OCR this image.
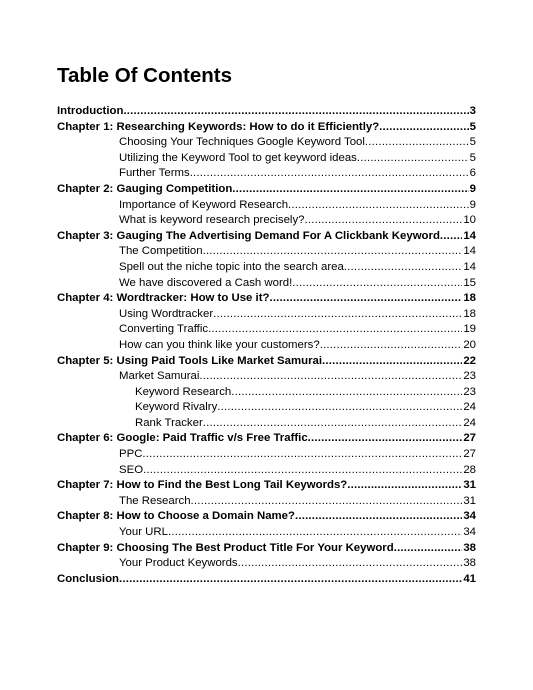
Table Of Contents
Introduction .....	3
Chapter 1: Researching Keywords: How to do it Efficiently? .....	5
Choosing Your Techniques Google Keyword Tool .....	5
Utilizing the Keyword Tool to get keyword ideas .....	5
Further Terms .....	6
Chapter 2: Gauging Competition .....	9
Importance of Keyword Research .....	9
What is keyword research precisely? .....	10
Chapter 3: Gauging The Advertising Demand For A Clickbank Keyword ..... 14
The Competition .....	14
Spell out the niche topic into the search area .....	14
We have discovered a Cash word! .....	15
Chapter 4: Wordtracker: How to Use it? .....	18
Using Wordtracker .....	18
Converting Traffic .....	19
How can you think like your customers? .....	20
Chapter 5: Using Paid Tools Like Market Samurai .....	22
Market Samurai .....	23
Keyword Research .....	23
Keyword Rivalry .....	24
Rank Tracker .....	24
Chapter 6: Google: Paid Traffic v/s Free Traffic .....	27
PPC .....	27
SEO .....	28
Chapter 7: How to Find the Best Long Tail Keywords? .....	31
The Research .....	31
Chapter 8: How to Choose a Domain Name? .....	34
Your URL .....	34
Chapter 9: Choosing The Best Product Title For Your Keyword .....	38
Your Product Keywords .....	38
Conclusion .....	41
